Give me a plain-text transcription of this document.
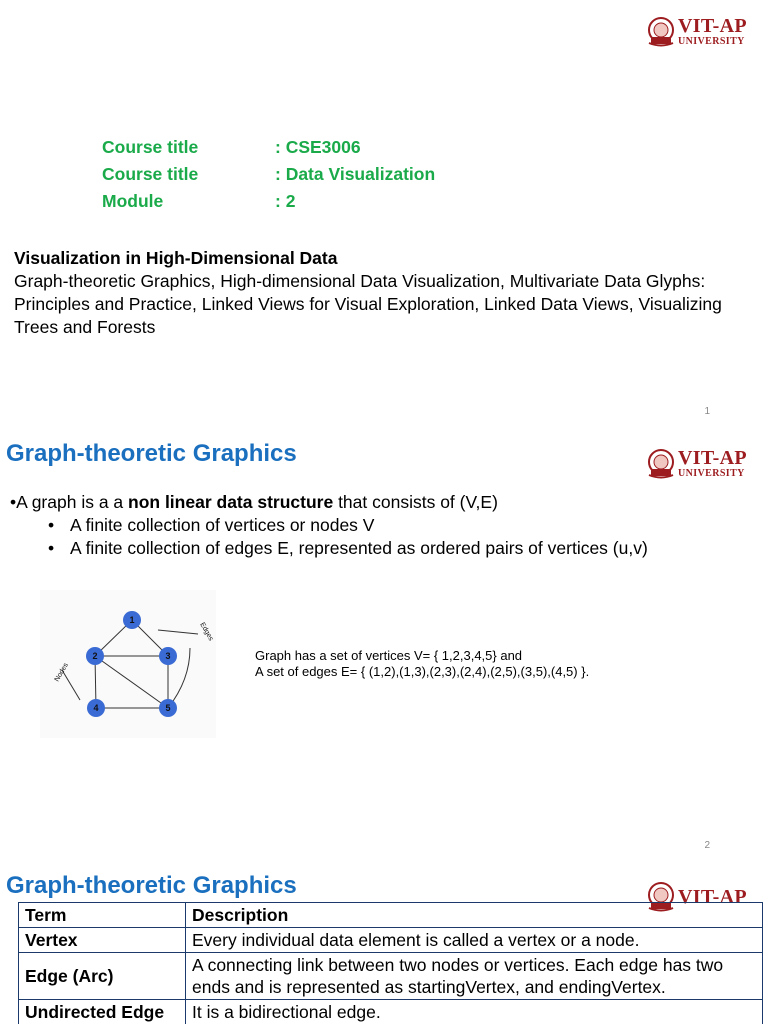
VIT-AP
UNIVERSITY
Course title	: CSE3006
Course title	: Data Visualization
Module	: 2
Visualization in High-Dimensional Data
Graph-theoretic Graphics, High-dimensional Data Visualization, Multivariate Data Glyphs: Principles and Practice, Linked Views for Visual Exploration, Linked Data Views, Visualizing Trees and Forests
1
Graph-theoretic Graphics	VIT-AP
UNIVERSITY
•A graph is a a non linear data structure that consists of (V,E)
• A finite collection of vertices or nodes V
• A finite collection of edges E, represented as ordered pairs of vertices (u,v)
1
2	3
4	5
Nodes
Edges
Graph has a set of vertices V= { 1,2,3,4,5} and
A set of edges E= { (1,2),(1,3),(2,3),(2,4),(2,5),(3,5),(4,5) }.
2
Graph-theoretic Graphics	VIT-AP
Term	Description
Vertex	Every individual data element is called a vertex or a node.
Edge (Arc)	A connecting link between two nodes or vertices. Each edge has two ends and is represented as startingVertex, and endingVertex.
Undirected Edge	It is a bidirectional edge.
